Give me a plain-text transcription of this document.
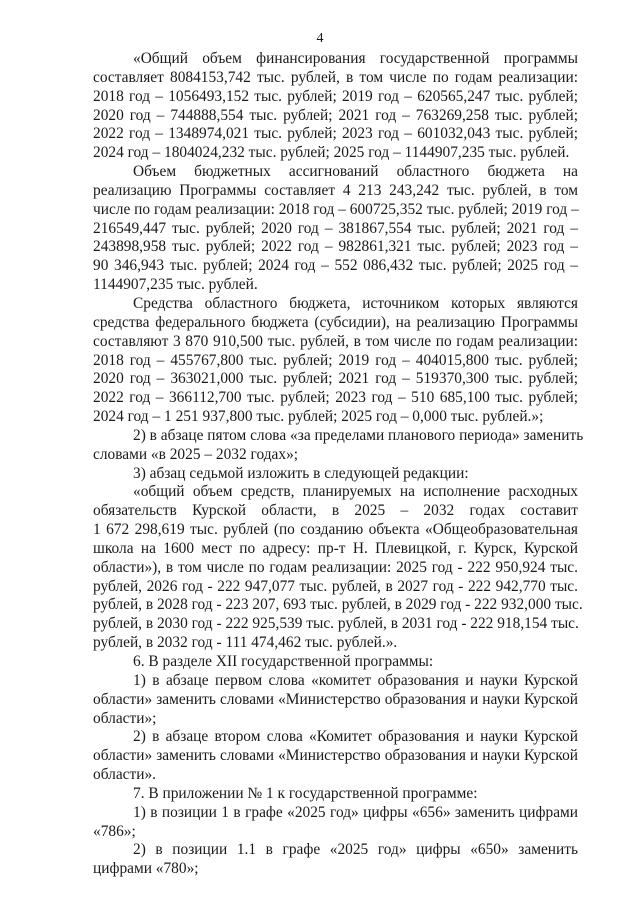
4
«Общий объем финансирования государственной программы
составляет 8084153,742 тыс. рублей, в том числе по годам реализации:
2018 год – 1056493,152 тыс. рублей; 2019 год – 620565,247 тыс. рублей;
2020 год – 744888,554 тыс. рублей; 2021 год – 763269,258 тыс. рублей;
2022 год – 1348974,021 тыс. рублей; 2023 год – 601032,043 тыс. рублей;
2024 год – 1804024,232 тыс. рублей; 2025 год – 1144907,235 тыс. рублей.
Объем бюджетных ассигнований областного бюджета на
реализацию Программы составляет 4 213 243,242 тыс. рублей, в том
числе по годам реализации: 2018 год – 600725,352 тыс. рублей; 2019 год –
216549,447 тыс. рублей; 2020 год – 381867,554 тыс. рублей; 2021 год –
243898,958 тыс. рублей; 2022 год – 982861,321 тыс. рублей; 2023 год –
90 346,943 тыс. рублей; 2024 год – 552 086,432 тыс. рублей; 2025 год –
1144907,235 тыс. рублей.
Средства областного бюджета, источником которых являются
средства федерального бюджета (субсидии), на реализацию Программы
составляют 3 870 910,500 тыс. рублей, в том числе по годам реализации:
2018 год – 455767,800 тыс. рублей; 2019 год – 404015,800 тыс. рублей;
2020 год – 363021,000 тыс. рублей; 2021 год – 519370,300 тыс. рублей;
2022 год – 366112,700 тыс. рублей; 2023 год – 510 685,100 тыс. рублей;
2024 год – 1 251 937,800 тыс. рублей; 2025 год – 0,000 тыс. рублей.»;
2) в абзаце пятом слова «за пределами планового периода» заменить
словами «в 2025 – 2032 годах»;
3) абзац седьмой изложить в следующей редакции:
«общий объем средств, планируемых на исполнение расходных
обязательств Курской области, в 2025 – 2032 годах составит
1 672 298,619 тыс. рублей (по созданию объекта «Общеобразовательная
школа на 1600 мест по адресу: пр-т Н. Плевицкой, г. Курск, Курской
области»), в том числе по годам реализации: 2025 год - 222 950,924 тыс.
рублей, 2026 год - 222 947,077 тыс. рублей, в 2027 год - 222 942,770 тыс.
рублей, в 2028 год - 223 207, 693 тыс. рублей, в 2029 год - 222 932,000 тыс.
рублей, в 2030 год - 222 925,539 тыс. рублей, в 2031 год - 222 918,154 тыс.
рублей, в 2032 год - 111 474,462 тыс. рублей.».
6. В разделе XII государственной программы:
1) в абзаце первом слова «комитет образования и науки Курской
области» заменить словами «Министерство образования и науки Курской
области»;
2) в абзаце втором слова «Комитет образования и науки Курской
области» заменить словами «Министерство образования и науки Курской
области».
7. В приложении № 1 к государственной программе:
1) в позиции 1 в графе «2025 год» цифры «656» заменить цифрами
«786»;
2) в позиции 1.1 в графе «2025 год» цифры «650» заменить
цифрами «780»;
